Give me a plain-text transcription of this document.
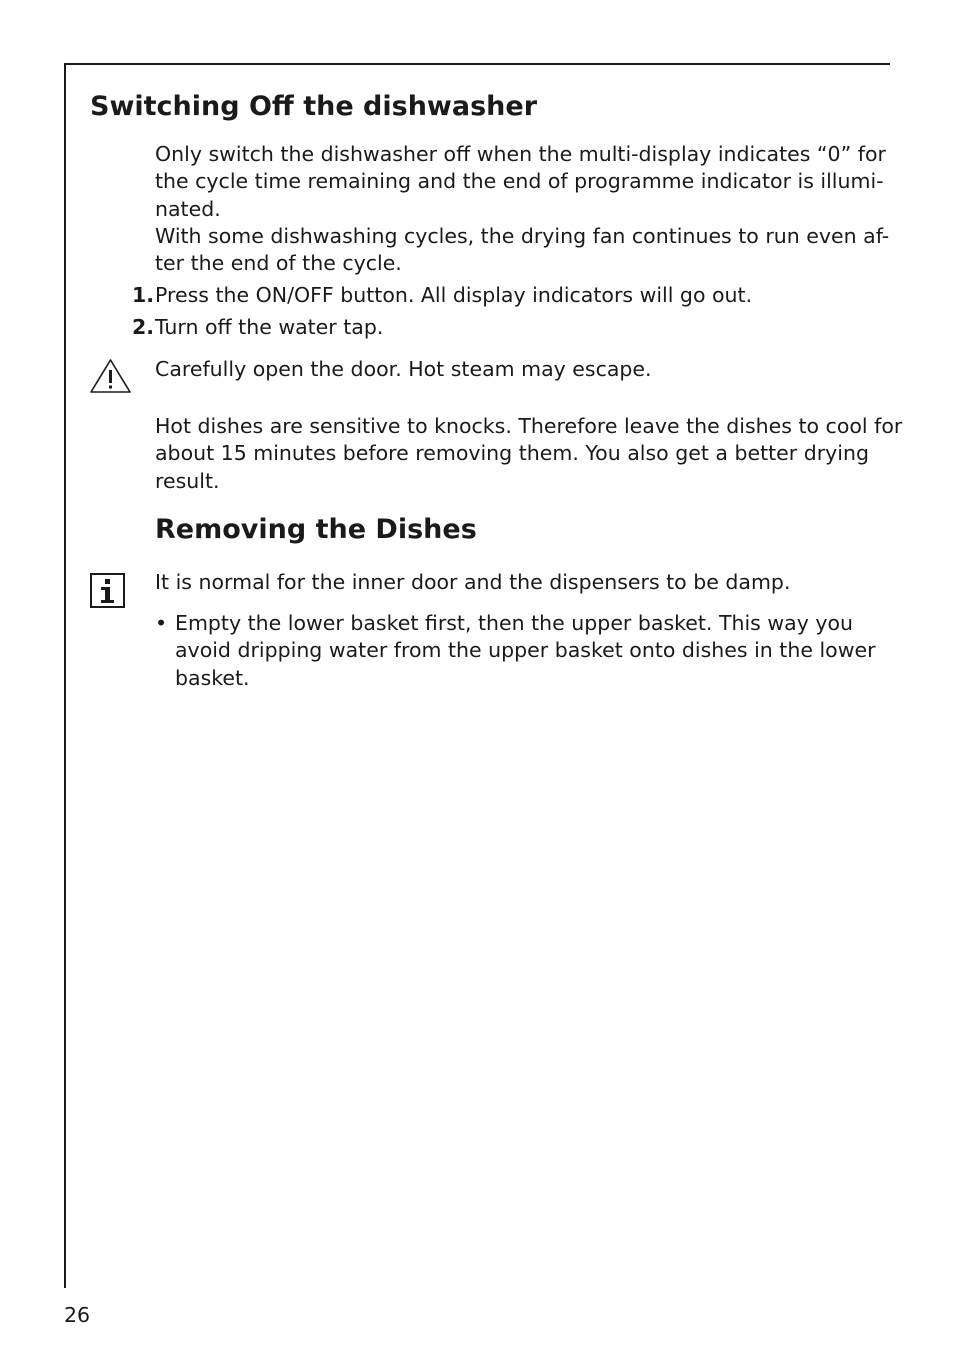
Switching Off the dishwasher
Only switch the dishwasher off when the multi-display indicates “0” for
the cycle time remaining and the end of programme indicator is illumi-
nated.
With some dishwashing cycles, the drying fan continues to run even af-
ter the end of the cycle.
1.Press the ON/OFF button. All display indicators will go out.
2.Turn off the water tap.
Carefully open the door. Hot steam may escape.
Hot dishes are sensitive to knocks. Therefore leave the dishes to cool for
about 15 minutes before removing them. You also get a better drying
result.
Removing the Dishes
It is normal for the inner door and the dispensers to be damp.
• Empty the lower basket first, then the upper basket. This way you
avoid dripping water from the upper basket onto dishes in the lower
basket.
26
